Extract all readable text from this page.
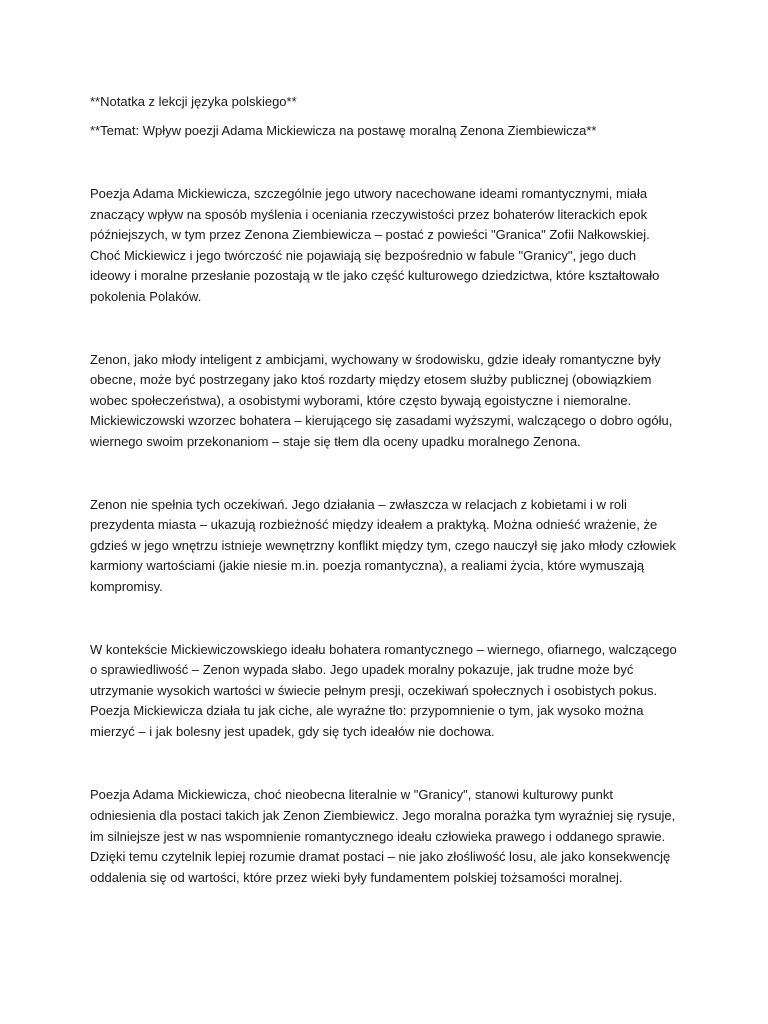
**Notatka z lekcji języka polskiego**

**Temat: Wpływ poezji Adama Mickiewicza na postawę moralną Zenona Ziembiewicza**

Poezja Adama Mickiewicza, szczególnie jego utwory nacechowane ideami romantycznymi, miała znaczący wpływ na sposób myślenia i oceniania rzeczywistości przez bohaterów literackich epok późniejszych, w tym przez Zenona Ziembiewicza – postać z powieści "Granica" Zofii Nałkowskiej. Choć Mickiewicz i jego twórczość nie pojawiają się bezpośrednio w fabule "Granicy", jego duch ideowy i moralne przesłanie pozostają w tle jako część kulturowego dziedzictwa, które kształtowało pokolenia Polaków.

Zenon, jako młody inteligent z ambicjami, wychowany w środowisku, gdzie ideały romantyczne były obecne, może być postrzegany jako ktoś rozdarty między etosem służby publicznej (obowiązkiem wobec społeczeństwa), a osobistymi wyborami, które często bywają egoistyczne i niemoralne. Mickiewiczowski wzorzec bohatera – kierującego się zasadami wyższymi, walczącego o dobro ogółu, wiernego swoim przekonaniom – staje się tłem dla oceny upadku moralnego Zenona.

Zenon nie spełnia tych oczekiwań. Jego działania – zwłaszcza w relacjach z kobietami i w roli prezydenta miasta – ukazują rozbieżność między ideałem a praktyką. Można odnieść wrażenie, że gdzieś w jego wnętrzu istnieje wewnętrzny konflikt między tym, czego nauczył się jako młody człowiek karmiony wartościami (jakie niesie m.in. poezja romantyczna), a realiami życia, które wymuszają kompromisy.

W kontekście Mickiewiczowskiego ideału bohatera romantycznego – wiernego, ofiarnego, walczącego o sprawiedliwość – Zenon wypada słabo. Jego upadek moralny pokazuje, jak trudne może być utrzymanie wysokich wartości w świecie pełnym presji, oczekiwań społecznych i osobistych pokus. Poezja Mickiewicza działa tu jak ciche, ale wyraźne tło: przypomnienie o tym, jak wysoko można mierzyć – i jak bolesny jest upadek, gdy się tych ideałów nie dochowa.

Poezja Adama Mickiewicza, choć nieobecna literalnie w "Granicy", stanowi kulturowy punkt odniesienia dla postaci takich jak Zenon Ziembiewicz. Jego moralna porażka tym wyraźniej się rysuje, im silniejsze jest w nas wspomnienie romantycznego ideału człowieka prawego i oddanego sprawie. Dzięki temu czytelnik lepiej rozumie dramat postaci – nie jako złośliwość losu, ale jako konsekwencję oddalenia się od wartości, które przez wieki były fundamentem polskiej tożsamości moralnej.
